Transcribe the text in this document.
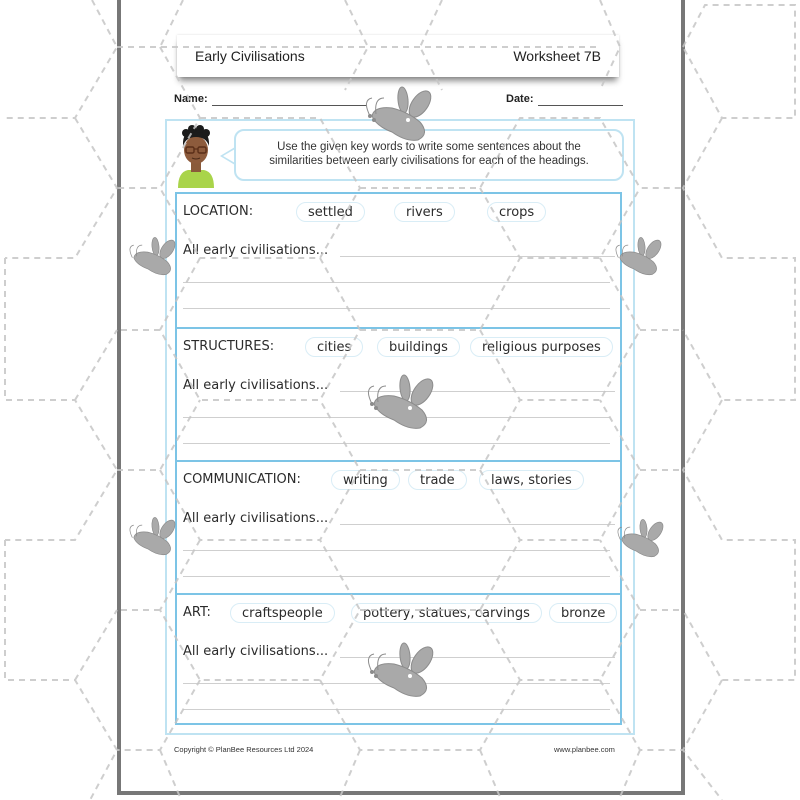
Early Civilisations	Worksheet 7B
Name:	Date:
Use the given key words to write some sentences about the
similarities between early civilisations for each of the headings.
LOCATION:	settled	rivers	crops
All early civilisations...
STRUCTURES:	cities	buildings	religious purposes
All early civilisations...
COMMUNICATION:	writing	trade	laws, stories
All early civilisations...
ART:	craftspeople	pottery, statues, carvings	bronze
All early civilisations...
Copyright © PlanBee Resources Ltd 2024	www.planbee.com
